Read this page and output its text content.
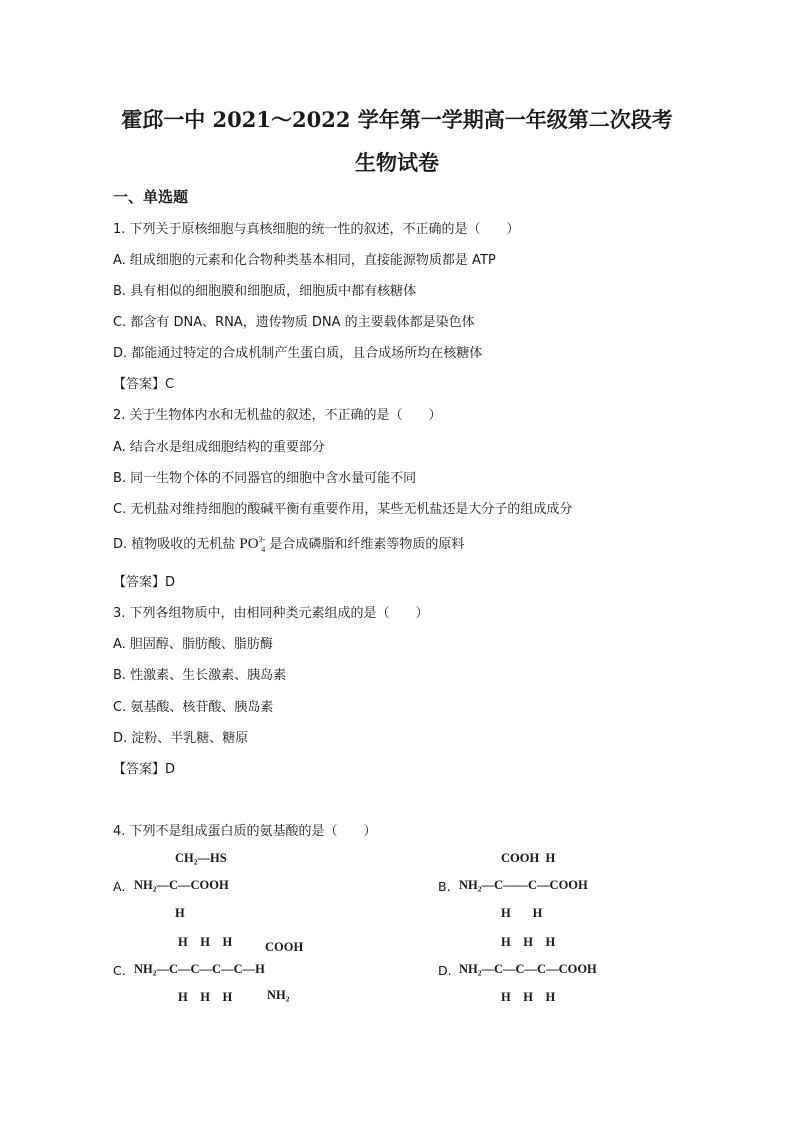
霍邱一中 2021～2022 学年第一学期高一年级第二次段考
生物试卷
一、单选题
1. 下列关于原核细胞与真核细胞的统一性的叙述，不正确的是（　　）
A. 组成细胞的元素和化合物种类基本相同，直接能源物质都是 ATP
B. 具有相似的细胞膜和细胞质，细胞质中都有核糖体
C. 都含有 DNA、RNA，遗传物质 DNA 的主要载体都是染色体
D. 都能通过特定的合成机制产生蛋白质，且合成场所均在核糖体
【答案】C
2. 关于生物体内水和无机盐的叙述，不正确的是（　　）
A. 结合水是组成细胞结构的重要部分
B. 同一生物个体的不同器官的细胞中含水量可能不同
C. 无机盐对维持细胞的酸碱平衡有重要作用，某些无机盐还是大分子的组成成分
D. 植物吸收的无机盐 $PO^{3-}_4$ 是合成磷脂和纤维素等物质的原料
【答案】D
3. 下列各组物质中，由相同种类元素组成的是（　　）
A. 胆固醇、脂肪酸、脂肪酶
B. 性激素、生长激素、胰岛素
C. 氨基酸、核苷酸、胰岛素
D. 淀粉、半乳糖、糖原
【答案】D
4. 下列不是组成蛋白质的氨基酸的是（　　）
A.
CH₂—HS
NH₂—C—COOH
H
B.
COOH  H
NH₂—C——C—COOH
H       H
C.
H    H    H	COOH
NH₂—C—C—C—C—H
H    H    H	NH₂
D.
H    H    H
NH₂—C—C—C—COOH
H    H    H
